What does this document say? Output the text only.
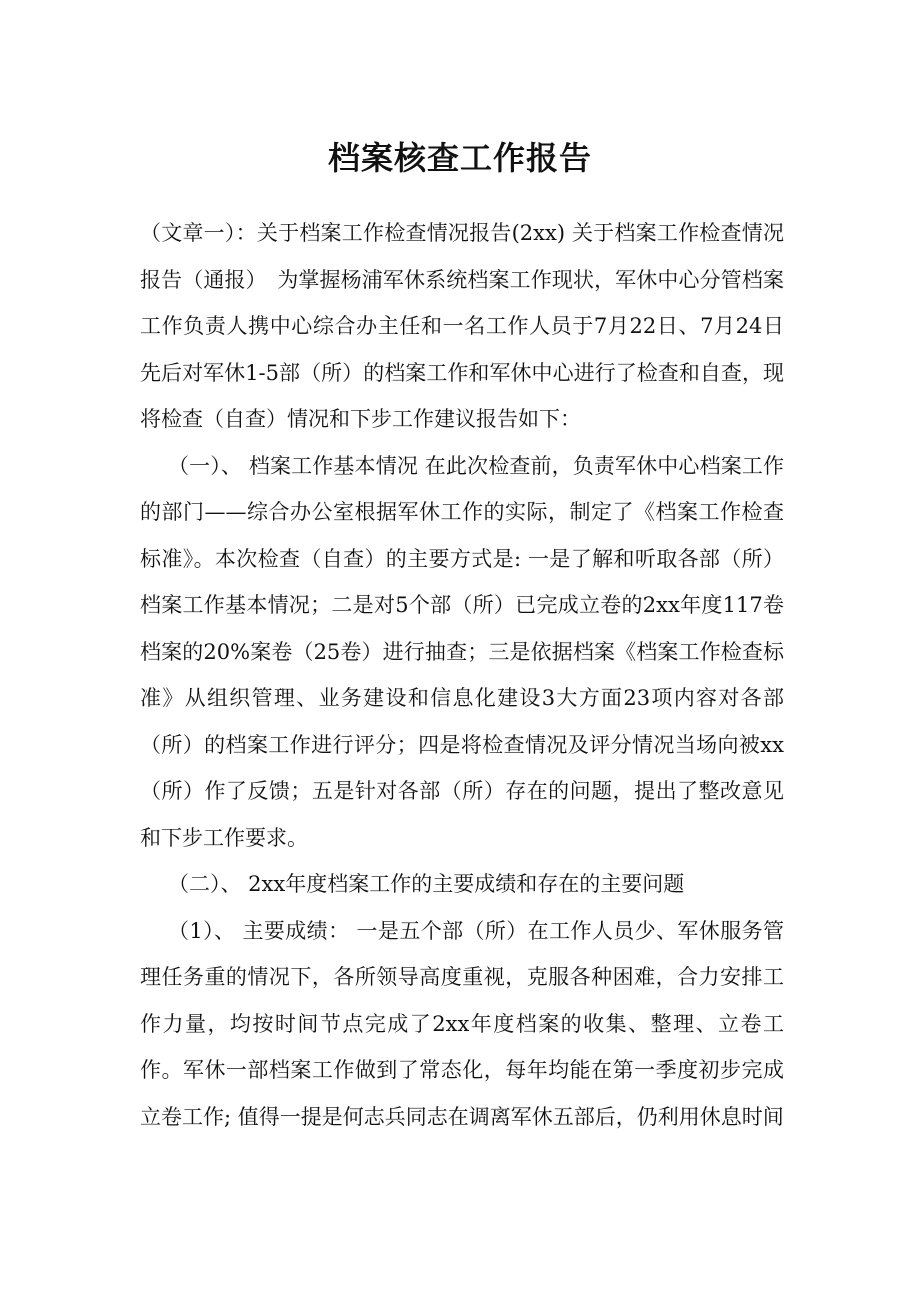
档案核查工作报告

（文章一）：关于档案工作检查情况报告(2xx) 关于档案工作检查情况报告（通报）　为掌握杨浦军休系统档案工作现状，军休中心分管档案工作负责人携中心综合办主任和一名工作人员于7月22日、7月24日先后对军休1-5部（所）的档案工作和军休中心进行了检查和自查，现将检查（自查）情况和下步工作建议报告如下：

（一）、 档案工作基本情况 在此次检查前，负责军休中心档案工作的部门——综合办公室根据军休工作的实际，制定了《档案工作检查标准》。本次检查（自查）的主要方式是: 一是了解和听取各部（所）档案工作基本情况；二是对5个部（所）已完成立卷的2xx年度117卷档案的20%案卷（25卷）进行抽查；三是依据档案《档案工作检查标准》从组织管理、业务建设和信息化建设3大方面23项内容对各部（所）的档案工作进行评分；四是将检查情况及评分情况当场向被xx（所）作了反馈；五是针对各部（所）存在的问题，提出了整改意见和下步工作要求。

（二）、 2xx年度档案工作的主要成绩和存在的主要问题

（1）、 主要成绩： 一是五个部（所）在工作人员少、军休服务管理任务重的情况下，各所领导高度重视，克服各种困难，合力安排工作力量，均按时间节点完成了2xx年度档案的收集、整理、立卷工作。军休一部档案工作做到了常态化，每年均能在第一季度初步完成 立卷工作; 值得一提是何志兵同志在调离军休五部后，仍利用休息时间
